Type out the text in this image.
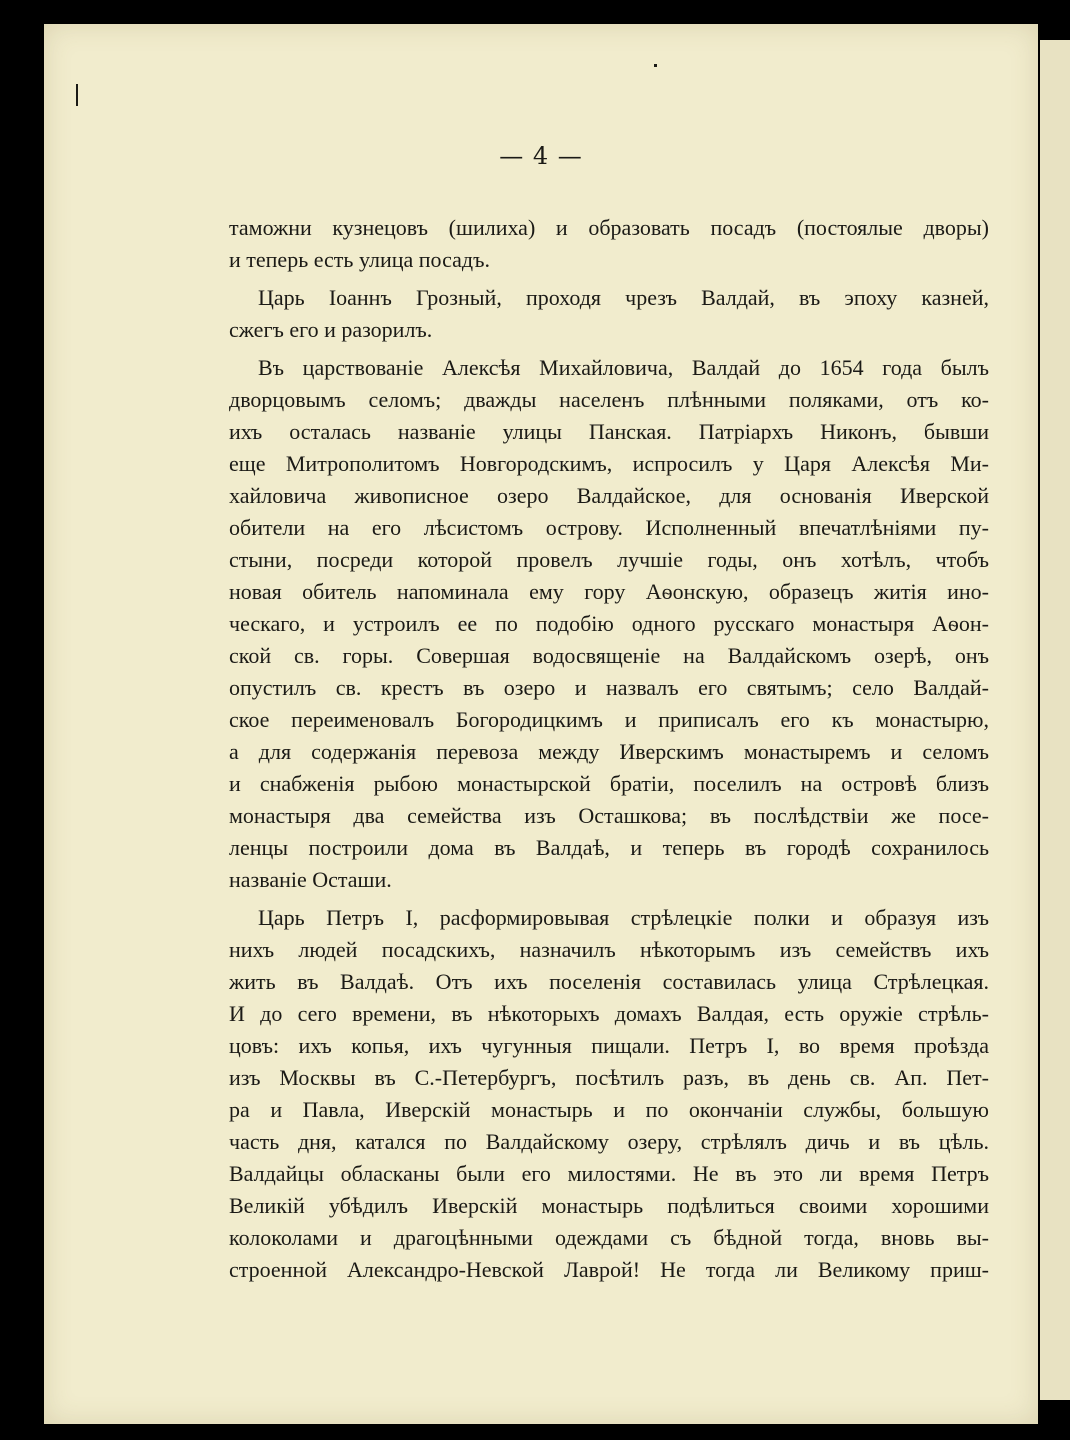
— 4 —
таможни кузнецовъ (шилиха) и образовать посадъ (постоялые дворы)
и теперь есть улица посадъ.
Царь Іоаннъ Грозный, проходя чрезъ Валдай, въ эпоху казней,
сжегъ его и разорилъ.
Въ царствованіе Алексѣя Михайловича, Валдай до 1654 года былъ
дворцовымъ селомъ; дважды населенъ плѣнными поляками, отъ ко-
ихъ осталась названіе улицы Панская. Патріархъ Никонъ, бывши
еще Митрополитомъ Новгородскимъ, испросилъ у Царя Алексѣя Ми-
хайловича живописное озеро Валдайское, для основанія Иверской
обители на его лѣсистомъ острову. Исполненный впечатлѣніями пу-
стыни, посреди которой провелъ лучшіе годы, онъ хотѣлъ, чтобъ
новая обитель напоминала ему гору Аѳонскую, образецъ житія ино-
ческаго, и устроилъ ее по подобію одного русскаго монастыря Аѳон-
ской св. горы. Совершая водосвященіе на Валдайскомъ озерѣ, онъ
опустилъ св. крестъ въ озеро и назвалъ его святымъ; село Валдай-
ское переименовалъ Богородицкимъ и приписалъ его къ монастырю,
а для содержанія перевоза между Иверскимъ монастыремъ и селомъ
и снабженія рыбою монастырской братіи, поселилъ на островѣ близъ
монастыря два семейства изъ Осташкова; въ послѣдствіи же посе-
ленцы построили дома въ Валдаѣ, и теперь въ городѣ сохранилось
названіе Осташи.
Царь Петръ I, расформировывая стрѣлецкіе полки и образуя изъ
нихъ людей посадскихъ, назначилъ нѣкоторымъ изъ семействъ ихъ
жить въ Валдаѣ. Отъ ихъ поселенія составилась улица Стрѣлецкая.
И до сего времени, въ нѣкоторыхъ домахъ Валдая, есть оружіе стрѣль-
цовъ: ихъ копья, ихъ чугунныя пищали. Петръ I, во время проѣзда
изъ Москвы въ С.-Петербургъ, посѣтилъ разъ, въ день св. Ап. Пет-
ра и Павла, Иверскій монастырь и по окончаніи службы, большую
часть дня, катался по Валдайскому озеру, стрѣлялъ дичь и въ цѣль.
Валдайцы обласканы были его милостями. Не въ это ли время Петръ
Великій убѣдилъ Иверскій монастырь подѣлиться своими хорошими
колоколами и драгоцѣнными одеждами съ бѣдной тогда, вновь вы-
строенной Александро-Невской Лаврой! Не тогда ли Великому приш-
